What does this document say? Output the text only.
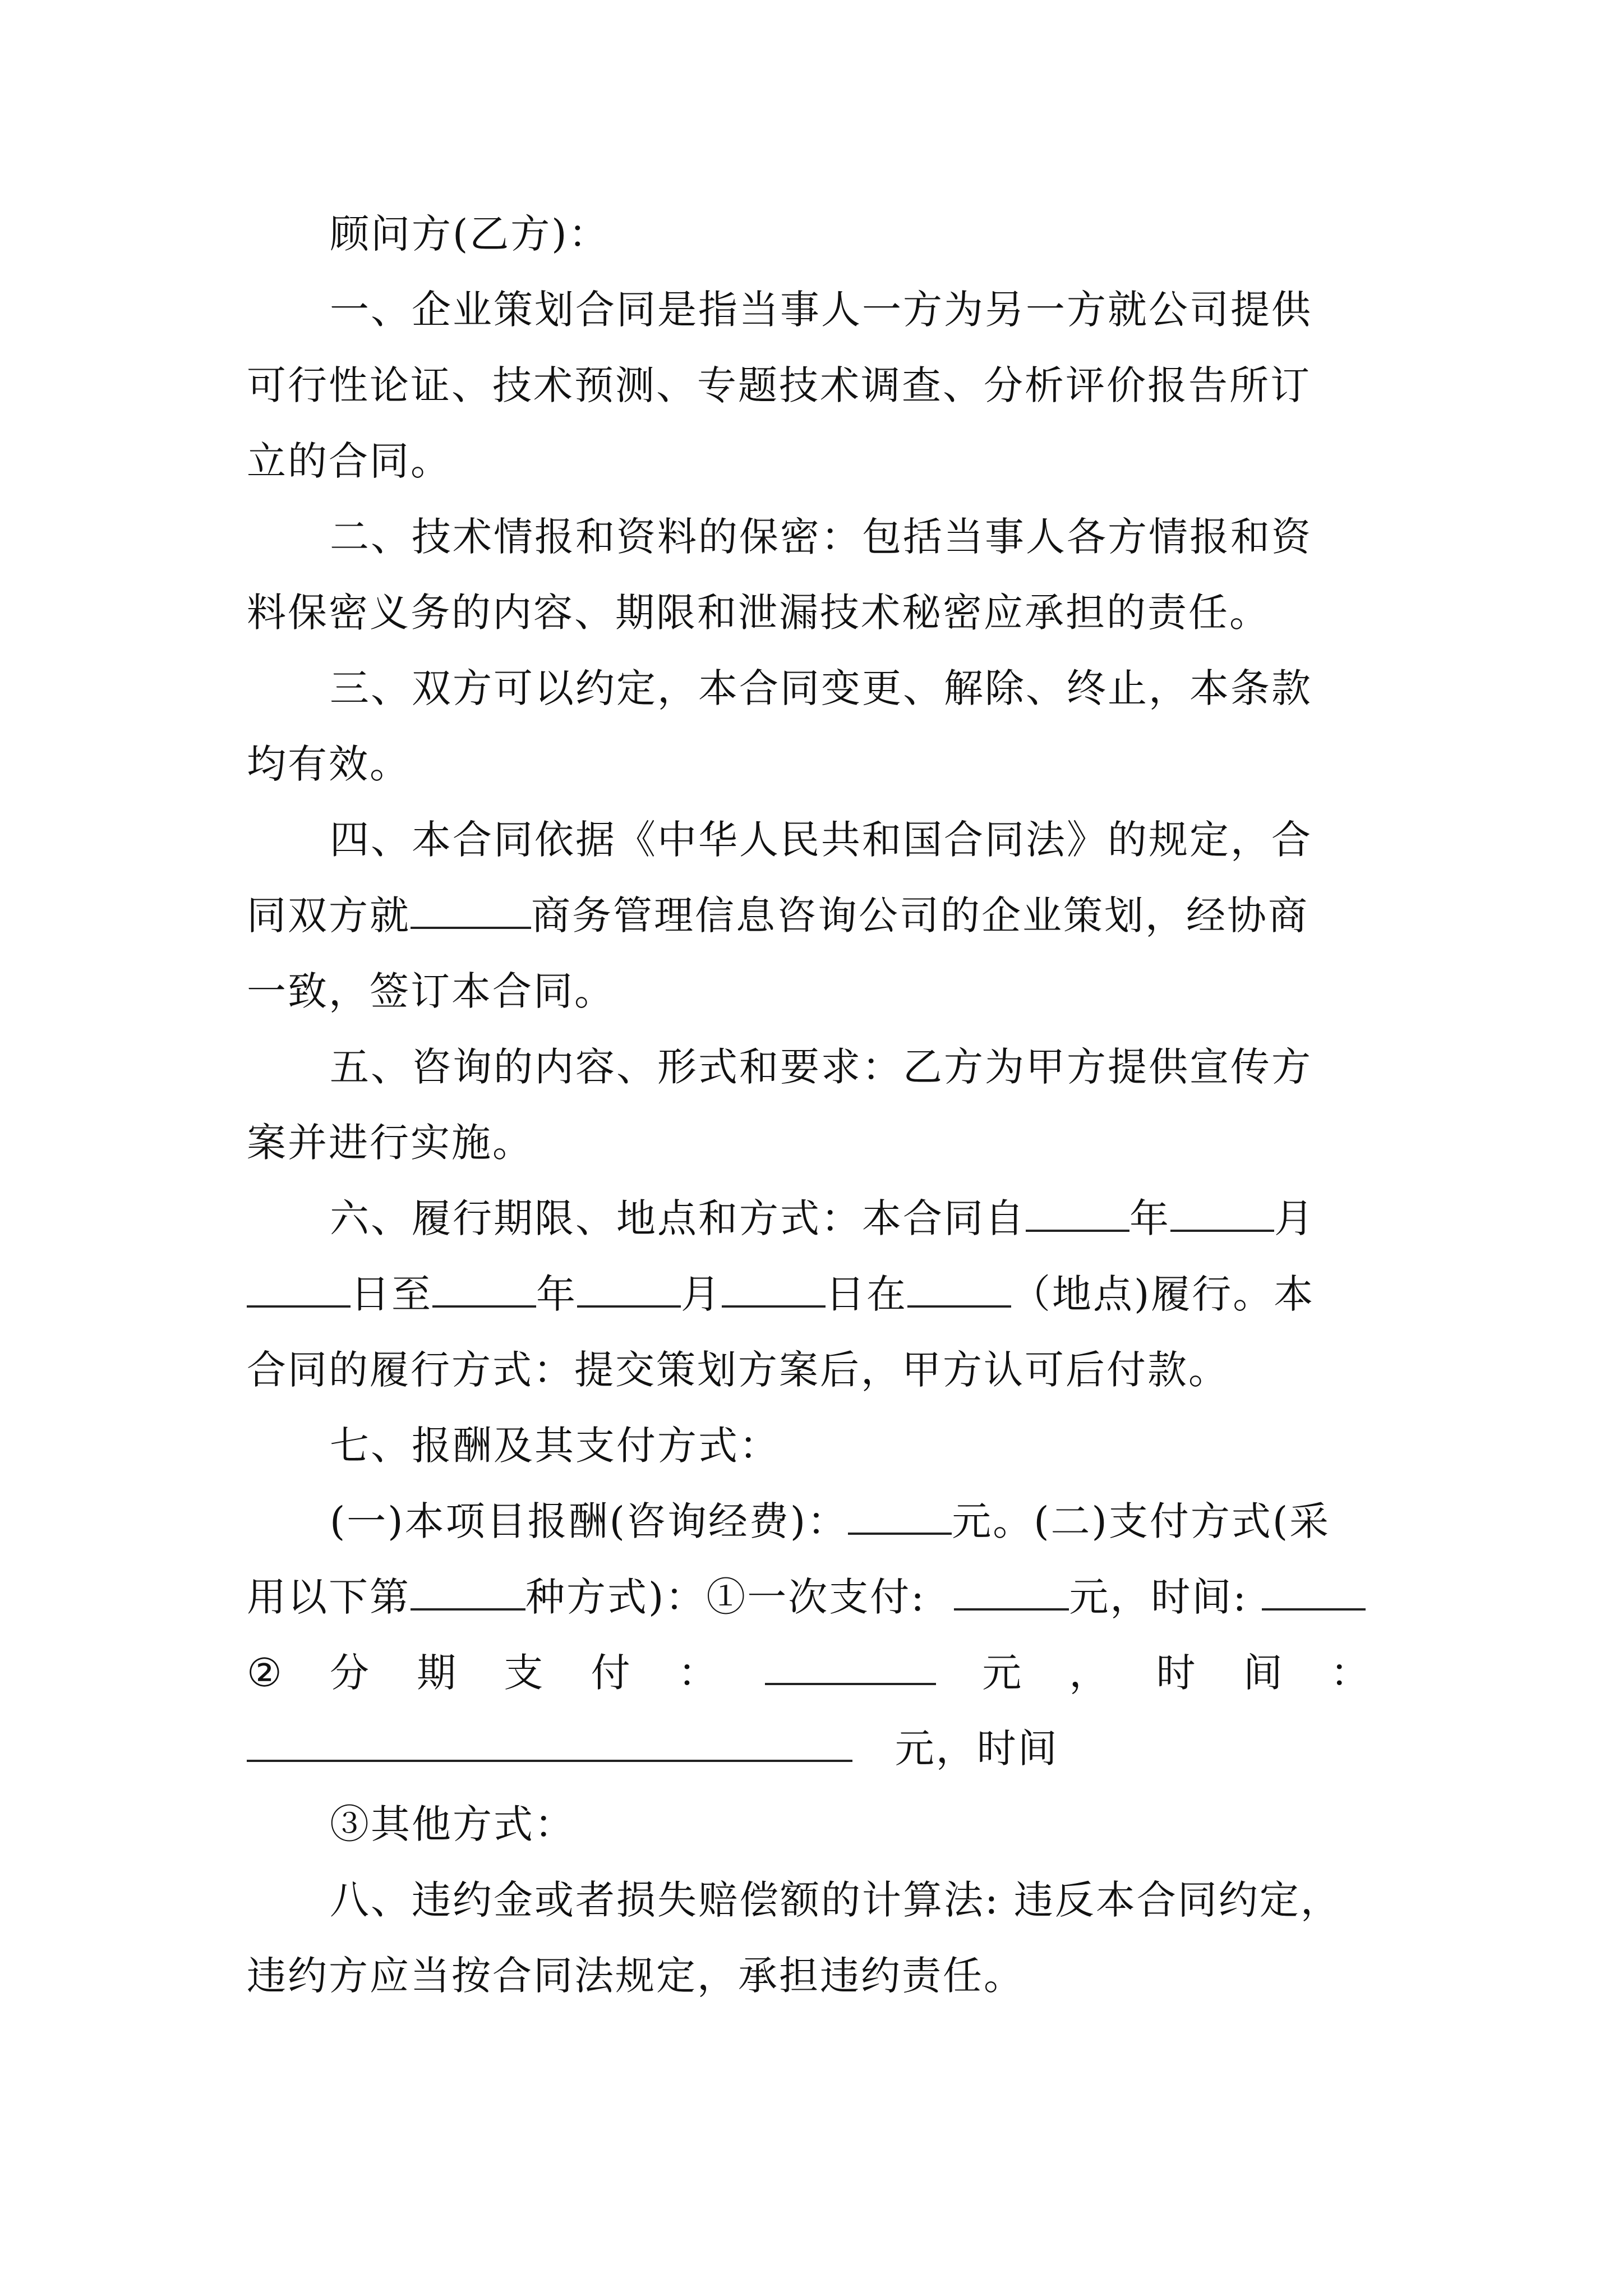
顾问方(乙方)：
一、企业策划合同是指当事人一方为另一方就公司提供
可行性论证、技术预测、专题技术调查、分析评价报告所订
立的合同。
二、技术情报和资料的保密：包括当事人各方情报和资
料保密义务的内容、期限和泄漏技术秘密应承担的责任。
三、双方可以约定，本合同变更、解除、终止，本条款
均有效。
四、本合同依据《中华人民共和国合同法》的规定，合
同双方就	商务管理信息咨询公司的企业策划，经协商
一致，签订本合同。
五、咨询的内容、形式和要求：乙方为甲方提供宣传方
案并进行实施。
六、履行期限、地点和方式：本合同自	年	月
日至	年	月	日在	（地点)履行。本
合同的履行方式：提交策划方案后，甲方认可后付款。
七、报酬及其支付方式：
(一)本项目报酬(咨询经费)：	元。(二)支付方式(采
用以下第	种方式)：①一次支付:	元，时间:
② 分 期 支 付 ：	元 ， 时 间 ：
元，时间
③其他方式：
八、违约金或者损失赔偿额的计算法: 违反本合同约定，
违约方应当按合同法规定，承担违约责任。
